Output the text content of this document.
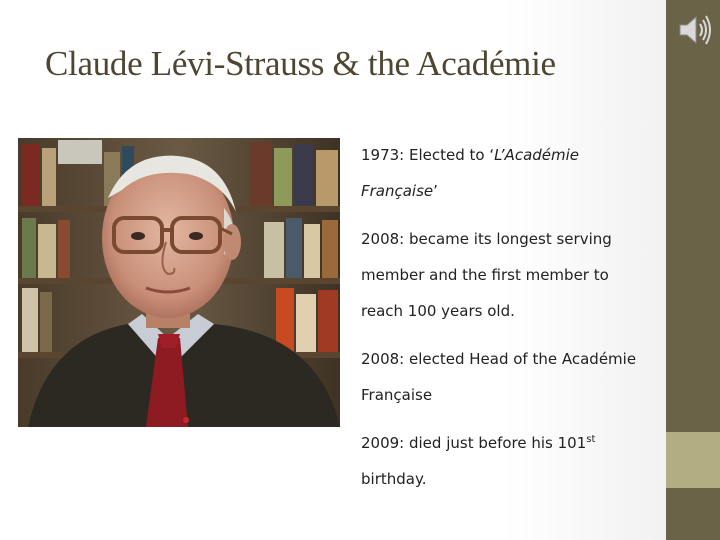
Claude Lévi-Strauss & the Académie

1973: Elected to ‘L’Académie Française’

2008: became its longest serving member and the first member to reach 100 years old.

2008: elected Head of the Académie Française

2009: died just before his 101st birthday.
